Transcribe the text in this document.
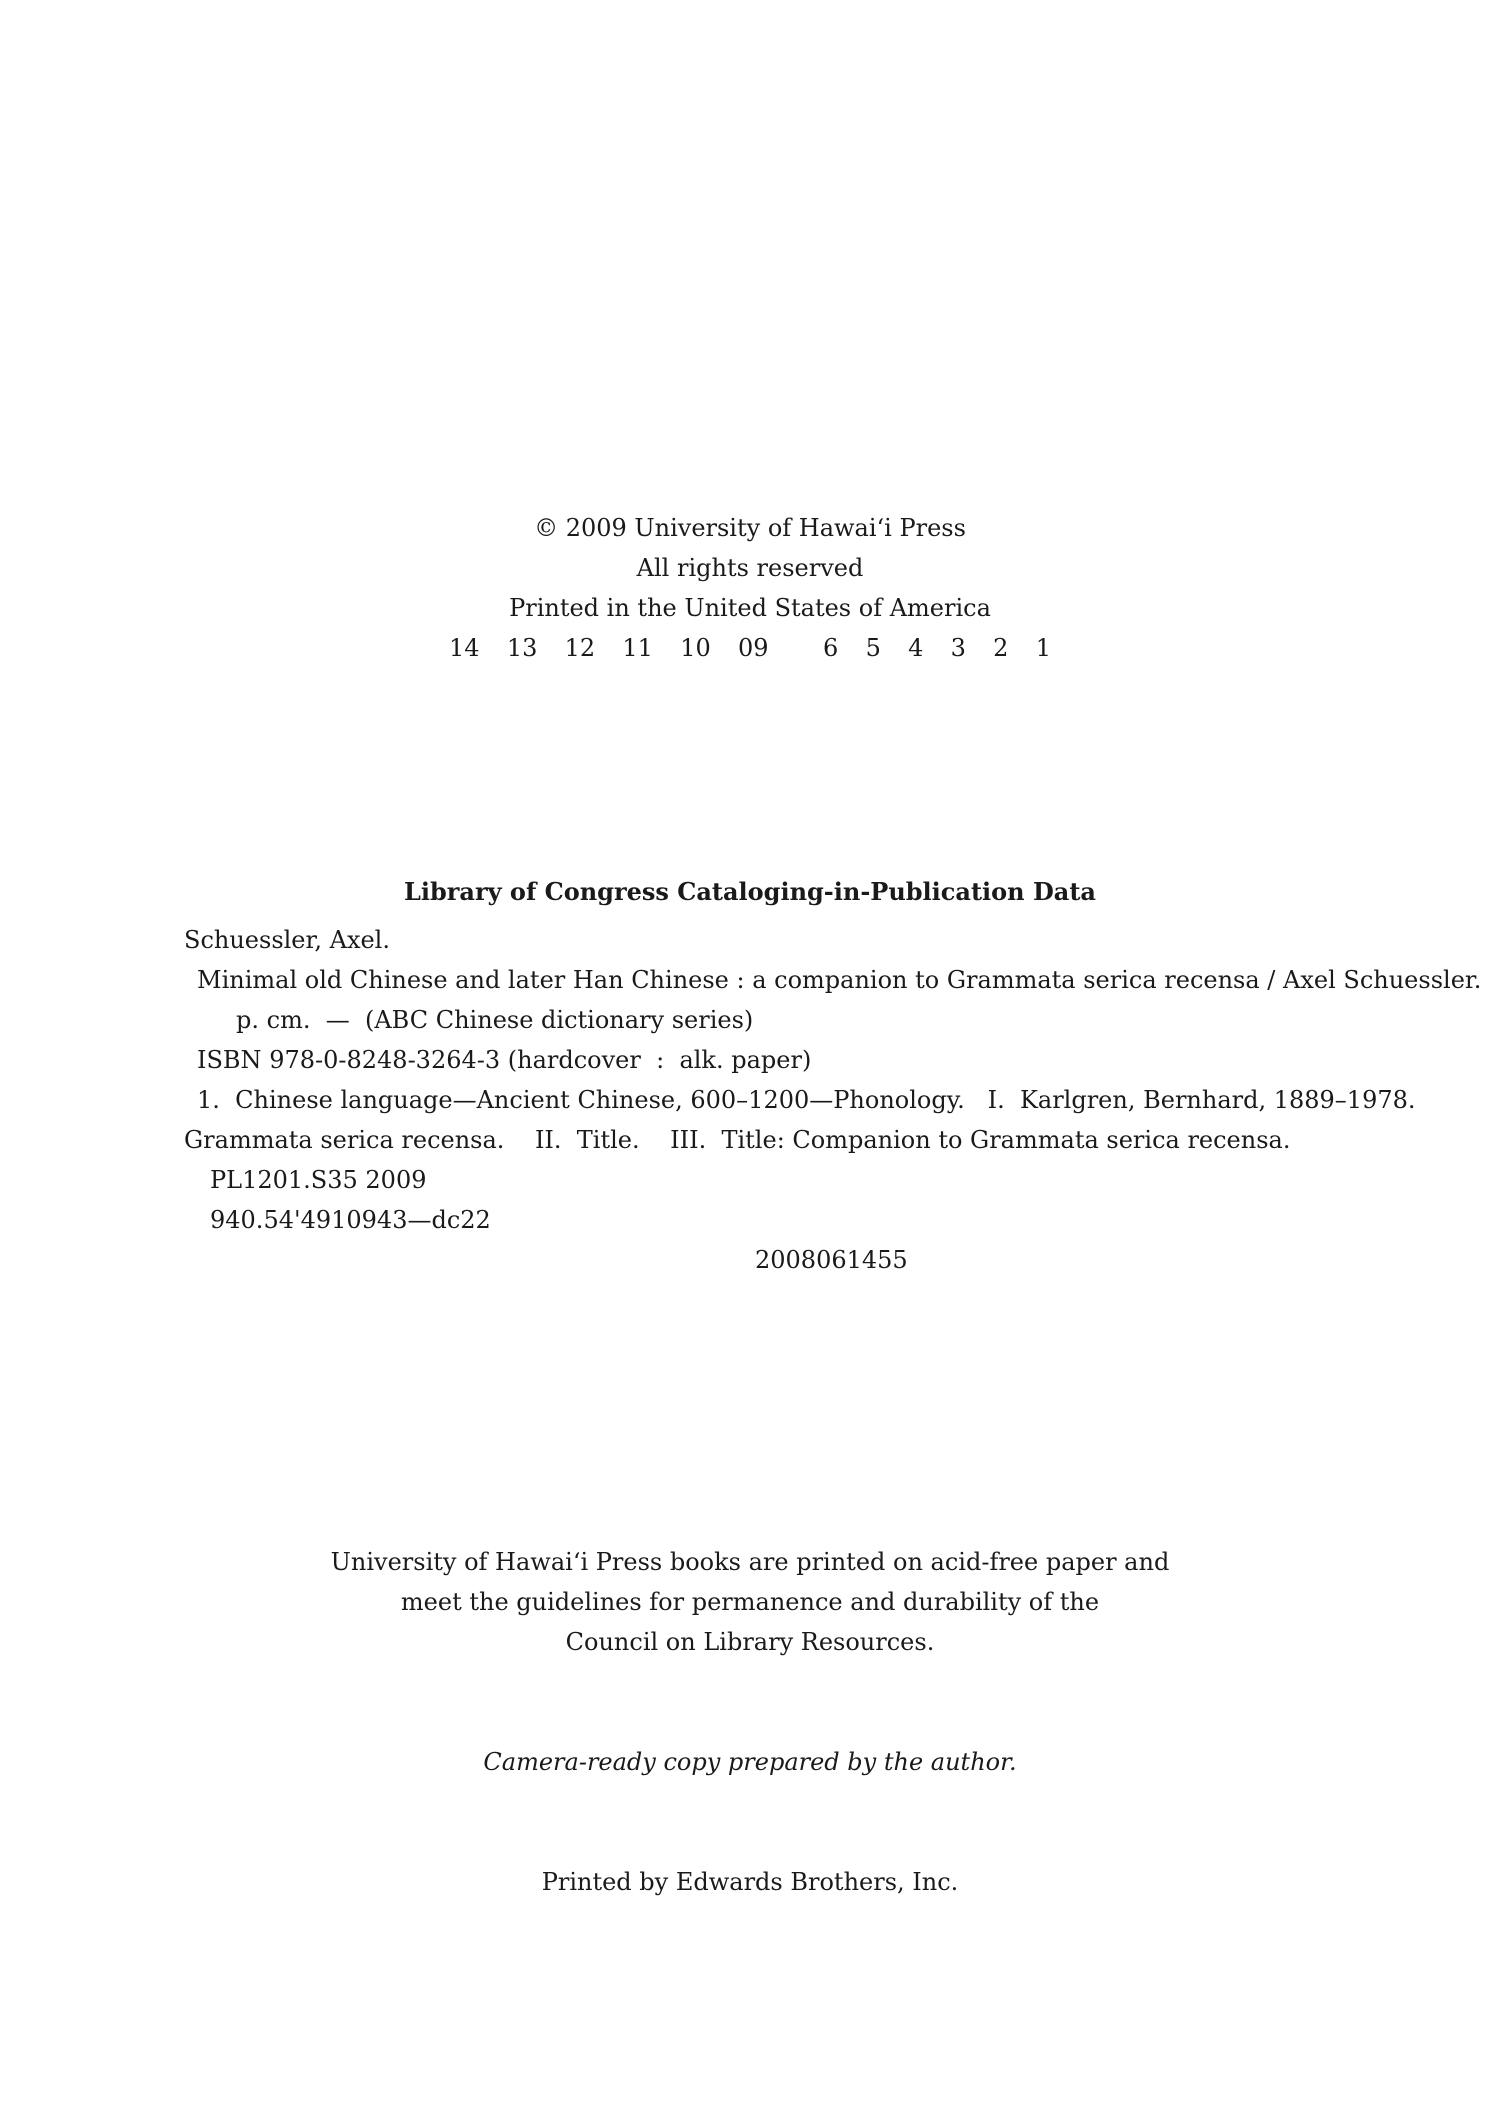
© 2009 University of Hawai‘i Press
All rights reserved
Printed in the United States of America
14  13  12  11  10  09    6  5  4  3  2  1
Library of Congress Cataloging-in-Publication Data
Schuessler, Axel.
Minimal old Chinese and later Han Chinese : a companion to Grammata serica recensa / Axel Schuessler.
p. cm.  —  (ABC Chinese dictionary series)
ISBN 978-0-8248-3264-3 (hardcover  :  alk. paper)
1.  Chinese language—Ancient Chinese, 600–1200—Phonology.   I.  Karlgren, Bernhard, 1889–1978.
Grammata serica recensa.    II.  Title.    III.  Title: Companion to Grammata serica recensa.
PL1201.S35 2009
940.54'4910943—dc22
2008061455
University of Hawai‘i Press books are printed on acid-free paper and
meet the guidelines for permanence and durability of the
Council on Library Resources.
Camera-ready copy prepared by the author.
Printed by Edwards Brothers, Inc.
